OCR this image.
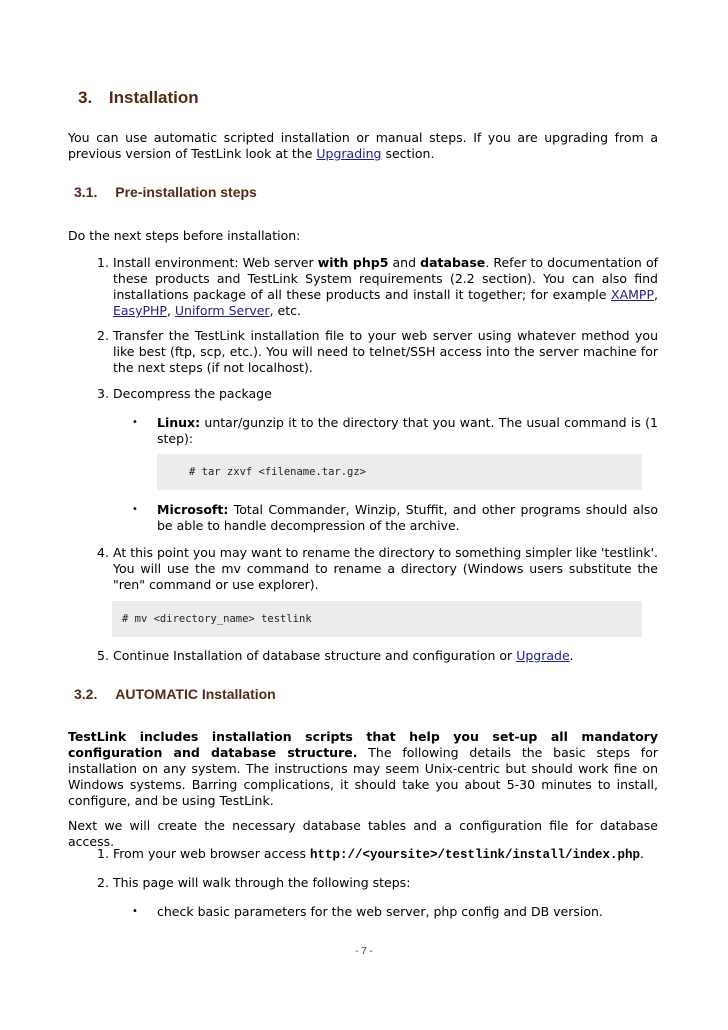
3. Installation
You can use automatic scripted installation or manual steps. If you are upgrading from a previous version of TestLink look at the Upgrading section.
3.1. Pre-installation steps
Do the next steps before installation:
1. Install environment: Web server with php5 and database. Refer to documentation of these products and TestLink System requirements (2.2 section). You can also find installations package of all these products and install it together; for example XAMPP, EasyPHP, Uniform Server, etc.
2. Transfer the TestLink installation file to your web server using whatever method you like best (ftp, scp, etc.). You will need to telnet/SSH access into the server machine for the next steps (if not localhost).
3. Decompress the package
• Linux: untar/gunzip it to the directory that you want. The usual command is (1 step):
# tar zxvf <filename.tar.gz>
• Microsoft: Total Commander, Winzip, Stuffit, and other programs should also be able to handle decompression of the archive.
4. At this point you may want to rename the directory to something simpler like 'testlink'. You will use the mv command to rename a directory (Windows users substitute the "ren" command or use explorer).
# mv <directory_name> testlink
5. Continue Installation of database structure and configuration or Upgrade.
3.2. AUTOMATIC Installation
TestLink includes installation scripts that help you set-up all mandatory configuration and database structure. The following details the basic steps for installation on any system. The instructions may seem Unix-centric but should work fine on Windows systems. Barring complications, it should take you about 5-30 minutes to install, configure, and be using TestLink.
Next we will create the necessary database tables and a configuration file for database access.
1. From your web browser access http://<yoursite>/testlink/install/index.php.
2. This page will walk through the following steps:
• check basic parameters for the web server, php config and DB version.
- 7 -
